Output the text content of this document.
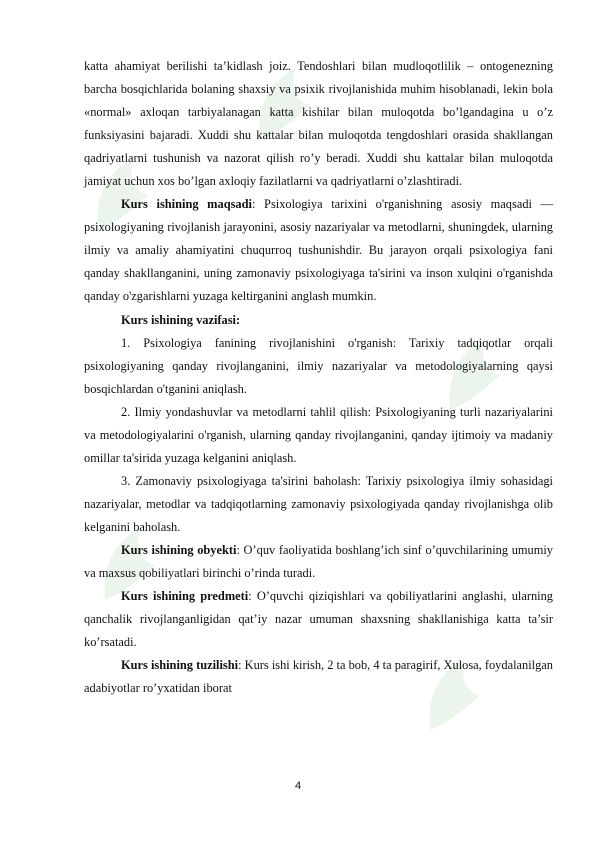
katta ahamiyat berilishi ta’kidlash joiz. Tendoshlari bilan mudloqotlilik – ontogenezning barcha bosqichlarida bolaning shaxsiy va psixik rivojlanishida muhim hisoblanadi, lekin bola «normal» axloqan tarbiyalanagan katta kishilar bilan muloqotda bo’lgandagina u o’z funksiyasini bajaradi. Xuddi shu kattalar bilan muloqotda tengdoshlari orasida shakllangan qadriyatlarni tushunish va nazorat qilish ro’y beradi. Xuddi shu kattalar bilan muloqotda jamiyat uchun xos bo’lgan axloqiy fazilatlarni va qadriyatlarni o’zlashtiradi.

Kurs ishining maqsadi: Psixologiya tarixini o'rganishning asosiy maqsadi — psixologiyaning rivojlanish jarayonini, asosiy nazariyalar va metodlarni, shuningdek, ularning ilmiy va amaliy ahamiyatini chuqurroq tushunishdir. Bu jarayon orqali psixologiya fani qanday shakllanganini, uning zamonaviy psixologiyaga ta'sirini va inson xulqini o'rganishda qanday o'zgarishlarni yuzaga keltirganini anglash mumkin.

Kurs ishining vazifasi:

1. Psixologiya fanining rivojlanishini o'rganish: Tarixiy tadqiqotlar orqali psixologiyaning qanday rivojlanganini, ilmiy nazariyalar va metodologiyalarning qaysi bosqichlardan o'tganini aniqlash.

2. Ilmiy yondashuvlar va metodlarni tahlil qilish: Psixologiyaning turli nazariyalarini va metodologiyalarini o'rganish, ularning qanday rivojlanganini, qanday ijtimoiy va madaniy omillar ta'sirida yuzaga kelganini aniqlash.

3. Zamonaviy psixologiyaga ta'sirini baholash: Tarixiy psixologiya ilmiy sohasidagi nazariyalar, metodlar va tadqiqotlarning zamonaviy psixologiyada qanday rivojlanishga olib kelganini baholash.

Kurs ishining obyekti: O’quv faoliyatida boshlang’ich sinf o’quvchilarining umumiy va maxsus qobiliyatlari birinchi o’rinda turadi.

Kurs ishining predmeti: O’quvchi qiziqishlari va qobiliyatlarini anglashi, ularning qanchalik rivojlanganligidan qat’iy nazar umuman shaxsning shakllanishiga katta ta’sir ko’rsatadi.

Kurs ishining tuzilishi: Kurs ishi kirish, 2 ta bob, 4 ta paragirif, Xulosa, foydalanilgan adabiyotlar ro’yxatidan iborat

4
